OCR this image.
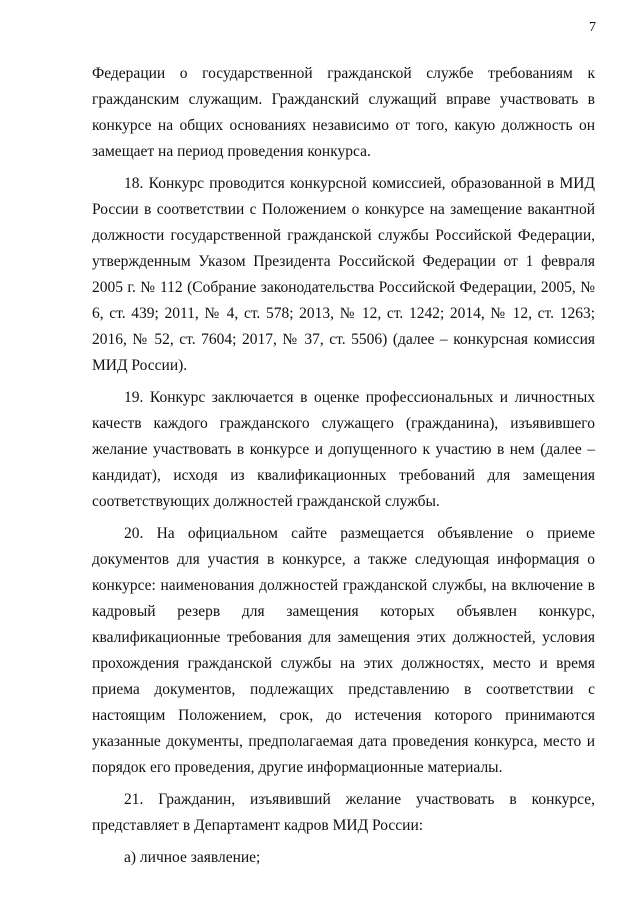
7

Федерации о государственной гражданской службе требованиям к гражданским служащим. Гражданский служащий вправе участвовать в конкурсе на общих основаниях независимо от того, какую должность он замещает на период проведения конкурса.

18. Конкурс проводится конкурсной комиссией, образованной в МИД России в соответствии с Положением о конкурсе на замещение вакантной должности государственной гражданской службы Российской Федерации, утвержденным Указом Президента Российской Федерации от 1 февраля 2005 г. № 112 (Собрание законодательства Российской Федерации, 2005, № 6, ст. 439; 2011, № 4, ст. 578; 2013, № 12, ст. 1242; 2014, № 12, ст. 1263; 2016, № 52, ст. 7604; 2017, № 37, ст. 5506) (далее – конкурсная комиссия МИД России).

19. Конкурс заключается в оценке профессиональных и личностных качеств каждого гражданского служащего (гражданина), изъявившего желание участвовать в конкурсе и допущенного к участию в нем (далее – кандидат), исходя из квалификационных требований для замещения соответствующих должностей гражданской службы.

20. На официальном сайте размещается объявление о приеме документов для участия в конкурсе, а также следующая информация о конкурсе: наименования должностей гражданской службы, на включение в кадровый резерв для замещения которых объявлен конкурс, квалификационные требования для замещения этих должностей, условия прохождения гражданской службы на этих должностях, место и время приема документов, подлежащих представлению в соответствии с настоящим Положением, срок, до истечения которого принимаются указанные документы, предполагаемая дата проведения конкурса, место и порядок его проведения, другие информационные материалы.

21. Гражданин, изъявивший желание участвовать в конкурсе, представляет в Департамент кадров МИД России:

а) личное заявление;
